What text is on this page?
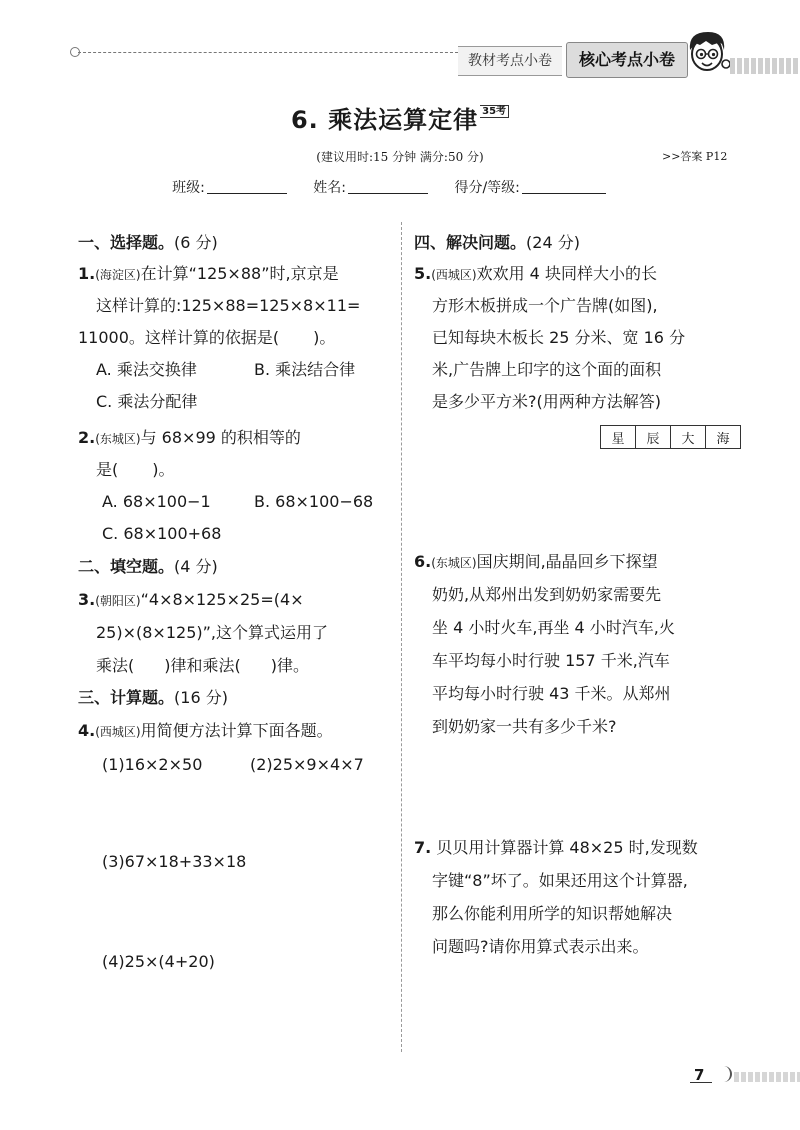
教材考点小卷	核心考点小卷
6. 乘法运算定律 $^{35考}$
(建议用时:15 分钟 满分:50 分)	>>答案 P12
班级:	姓名:	得分/等级:
一、选择题。(6 分)
1.(海淀区)在计算“125×88”时,京京是
这样计算的:125×88=125×8×11=
11000。这样计算的依据是( )。
A. 乘法交换律	B. 乘法结合律
C. 乘法分配律
2.(东城区)与 68×99 的积相等的
是( )。
A. 68×100−1	B. 68×100−68
C. 68×100+68
二、填空题。(4 分)
3.(朝阳区)“4×8×125×25=(4×
25)×(8×125)”,这个算式运用了
乘法( )律和乘法( )律。
三、计算题。(16 分)
4.(西城区)用简便方法计算下面各题。
(1)16×2×50	(2)25×9×4×7
(3)67×18+33×18
(4)25×(4+20)
四、解决问题。(24 分)
5.(西城区)欢欢用 4 块同样大小的长
方形木板拼成一个广告牌(如图),
已知每块木板长 25 分米、宽 16 分
米,广告牌上印字的这个面的面积
是多少平方米?(用两种方法解答)
6.(东城区)国庆期间,晶晶回乡下探望
奶奶,从郑州出发到奶奶家需要先
坐 4 小时火车,再坐 4 小时汽车,火
车平均每小时行驶 157 千米,汽车
平均每小时行驶 43 千米。从郑州
到奶奶家一共有多少千米?
7. 贝贝用计算器计算 48×25 时,发现数
字键“8”坏了。如果还用这个计算器,
那么你能利用所学的知识帮她解决
问题吗?请你用算式表示出来。
星	辰	大	海
7
